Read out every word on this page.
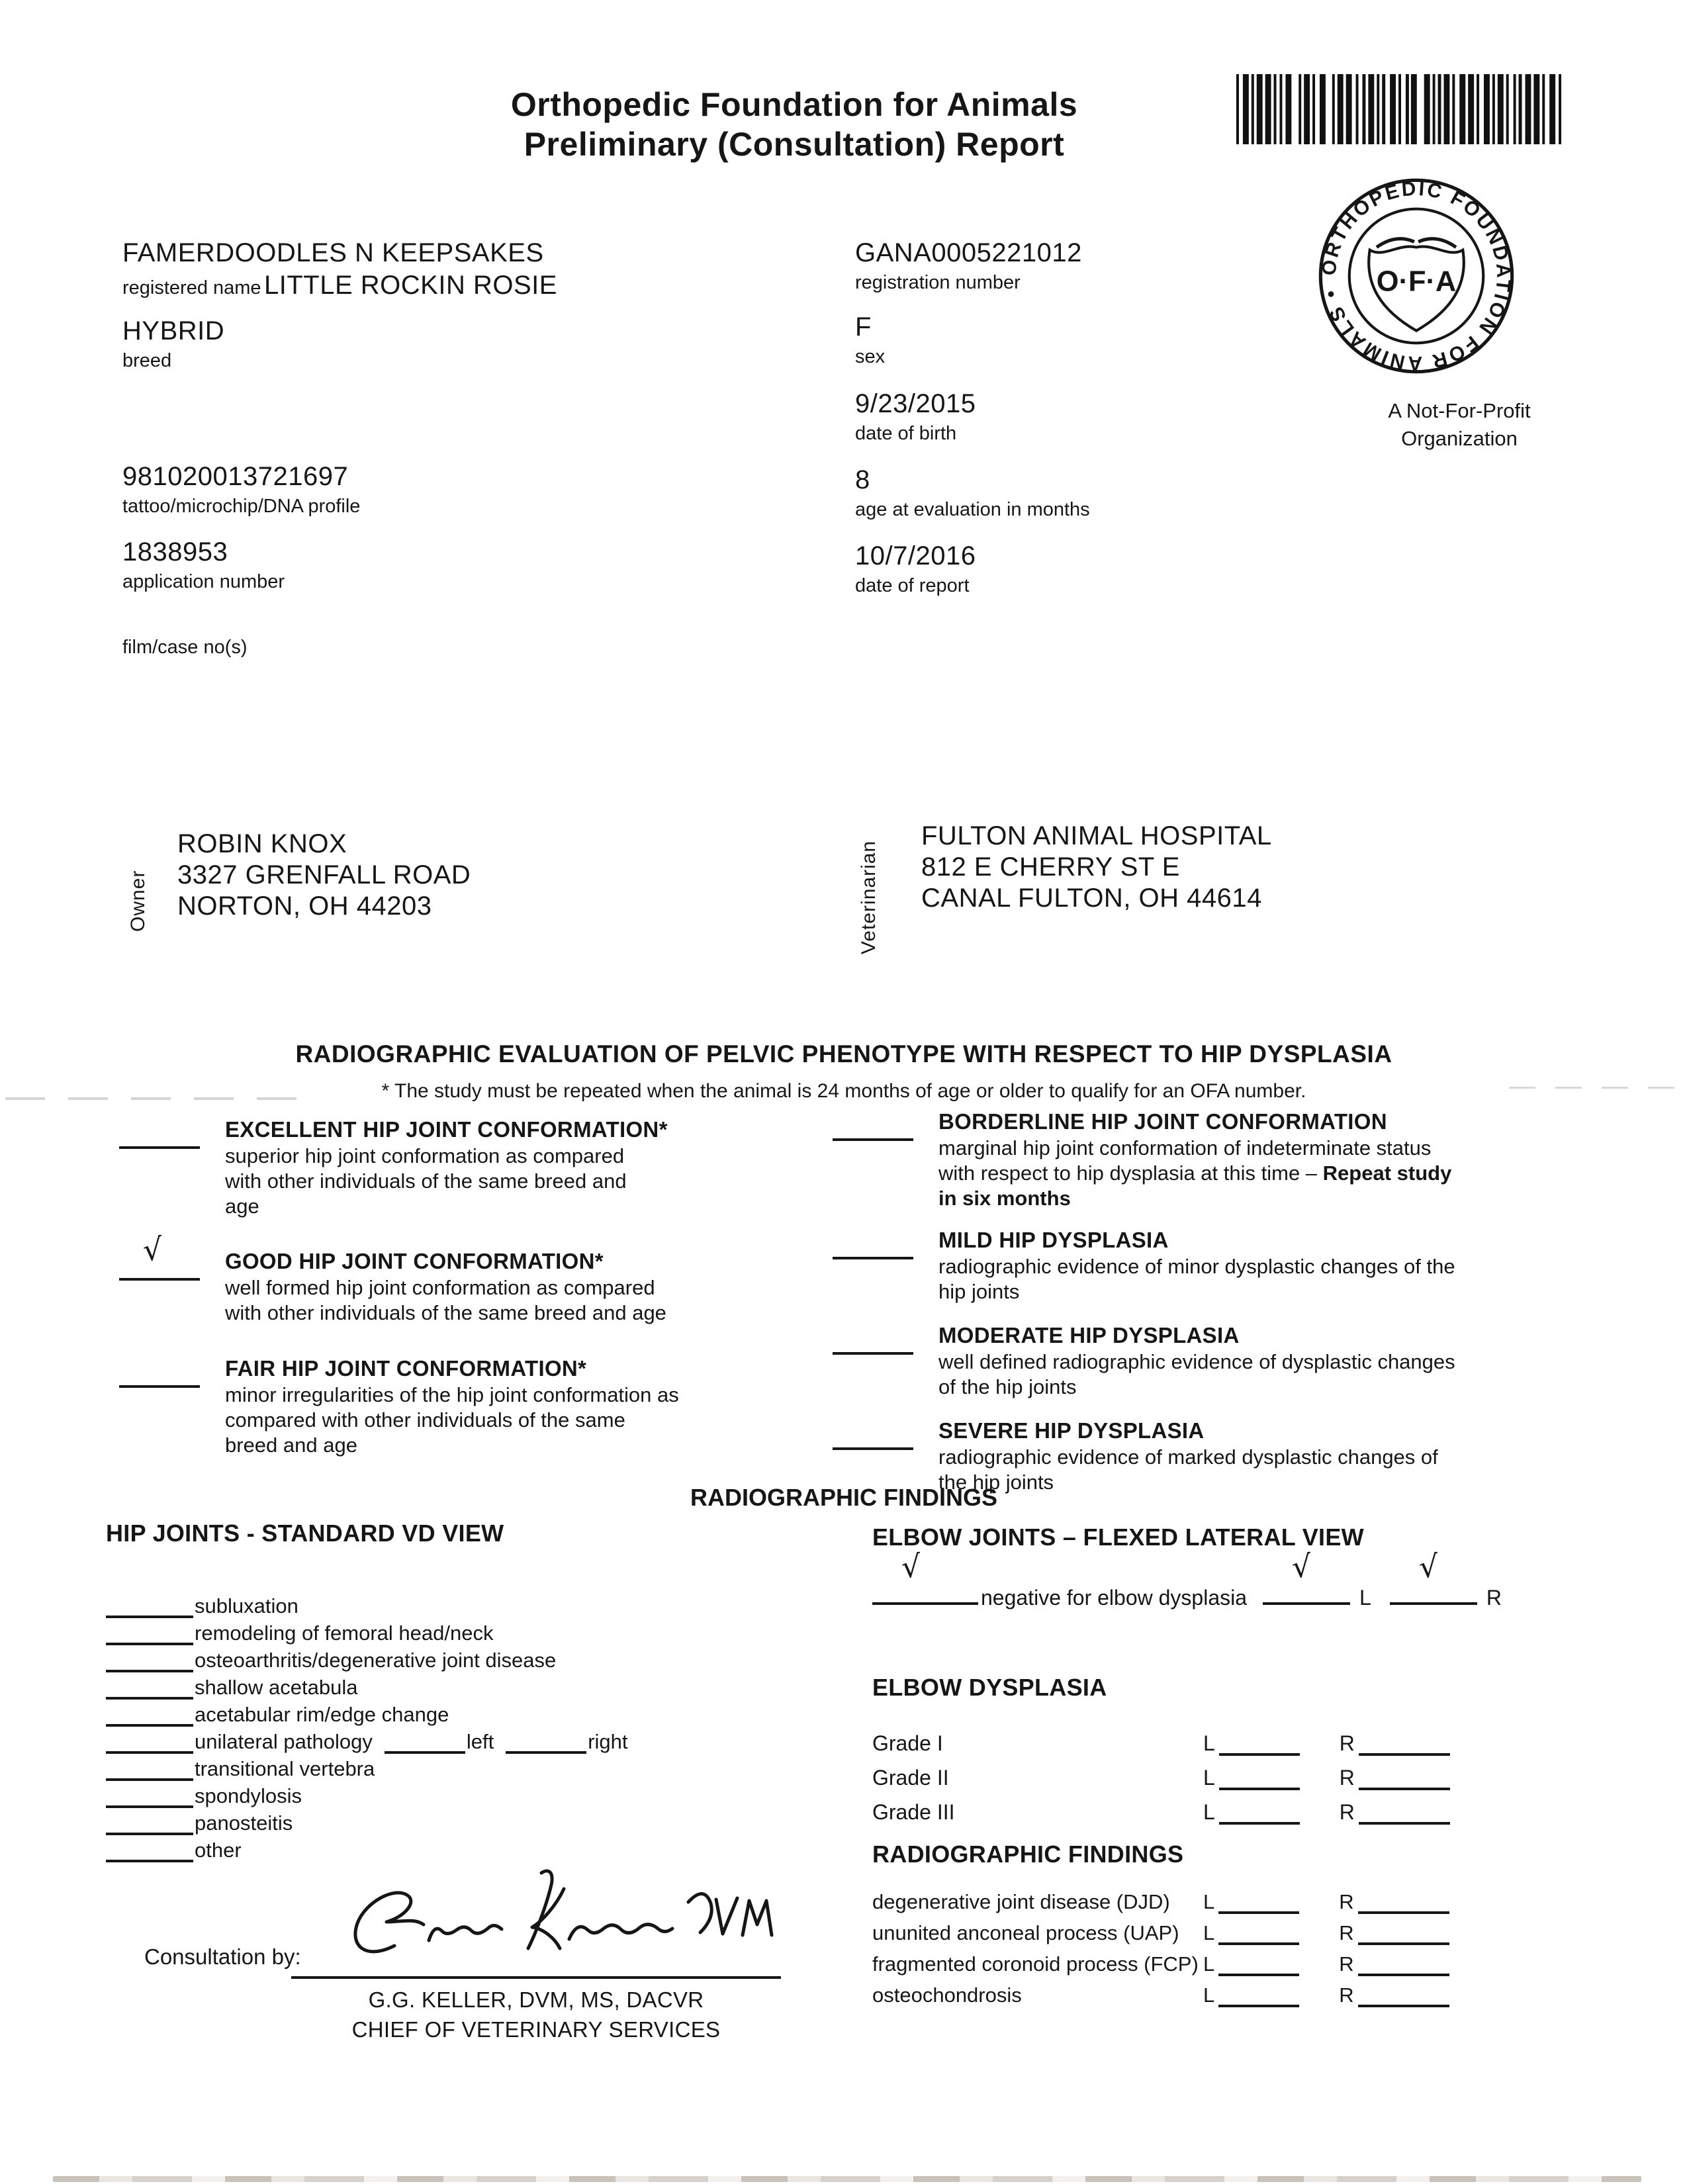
Orthopedic Foundation for Animals
Preliminary (Consultation) Report
ORTHOPEDIC FOUNDATION FOR ANIMALS •	O·F·A
A Not-For-Profit
Organization
FAMERDOODLES N KEEPSAKES
registered name LITTLE ROCKIN ROSIE
HYBRID
breed
981020013721697
tattoo/microchip/DNA profile
1838953
application number
film/case no(s)
GANA0005221012
registration number
F
sex
9/23/2015
date of birth
8
age at evaluation in months
10/7/2016
date of report
Owner
ROBIN KNOX
3327 GRENFALL ROAD
NORTON, OH 44203	Veterinarian
FULTON ANIMAL HOSPITAL
812 E CHERRY ST E
CANAL FULTON, OH 44614
RADIOGRAPHIC EVALUATION OF PELVIC PHENOTYPE WITH RESPECT TO HIP DYSPLASIA
* The study must be repeated when the animal is 24 months of age or older to qualify for an OFA number.
EXCELLENT HIP JOINT CONFORMATION*
superior hip joint conformation as compared with other individuals of the same breed and age
√	GOOD HIP JOINT CONFORMATION*
well formed hip joint conformation as compared with other individuals of the same breed and age
FAIR HIP JOINT CONFORMATION*
minor irregularities of the hip joint conformation as compared with other individuals of the same breed and age
BORDERLINE HIP JOINT CONFORMATION
marginal hip joint conformation of indeterminate status with respect to hip dysplasia at this time – Repeat study in six months
MILD HIP DYSPLASIA
radiographic evidence of minor dysplastic changes of the hip joints
MODERATE HIP DYSPLASIA
well defined radiographic evidence of dysplastic changes of the hip joints
SEVERE HIP DYSPLASIA
radiographic evidence of marked dysplastic changes of the hip joints
RADIOGRAPHIC FINDINGS
HIP JOINTS - STANDARD VD VIEW
subluxation
remodeling of femoral head/neck
osteoarthritis/degenerative joint disease
shallow acetabula
acetabular rim/edge change
unilateral pathology	left	right
transitional vertebra
spondylosis
panosteitis
other
ELBOW JOINTS – FLEXED LATERAL VIEW
√
negative for elbow dysplasia
√
L
√
R
ELBOW DYSPLASIA
Grade I	L	R
Grade II	L	R
Grade III	L	R
RADIOGRAPHIC FINDINGS
degenerative joint disease (DJD)	L	R
ununited anconeal process (UAP)	L	R
fragmented coronoid process (FCP) L	R
osteochondrosis	L	R
Consultation by:
G.G. KELLER, DVM, MS, DACVR
CHIEF OF VETERINARY SERVICES
